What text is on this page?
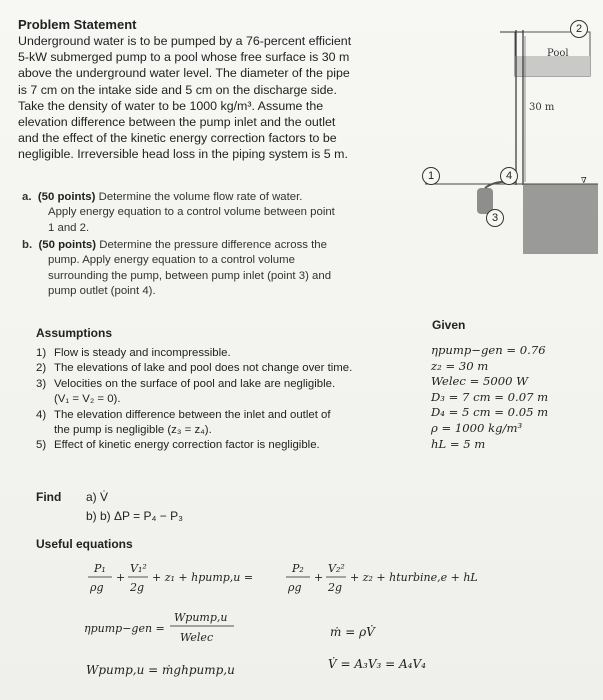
Problem Statement
Underground water is to be pumped by a 76-percent efficient
5-kW submerged pump to a pool whose free surface is 30 m
above the underground water level. The diameter of the pipe
is 7 cm on the intake side and 5 cm on the discharge side.
Take the density of water to be 1000 kg/m³. Assume the
elevation difference between the pump inlet and the outlet
and the effect of the kinetic energy correction factors to be
negligible. Irreversible head loss in the piping system is 5 m.
Pool
30 m
∇
2
1	4
3
a. (50 points) Determine the volume flow rate of water.
Apply energy equation to a control volume between point
1 and 2.
b. (50 points) Determine the pressure difference across the
pump. Apply energy equation to a control volume
surrounding the pump, between pump inlet (point 3) and
pump outlet (point 4).
Assumptions
1) Flow is steady and incompressible.
2) The elevations of lake and pool does not change over time.
3) Velocities on the surface of pool and lake are negligible.
(V₁ = V₂ = 0).
4) The elevation difference between the inlet and outlet of
the pump is negligible (z₃ = z₄).
5) Effect of kinetic energy correction factor is negligible.
Given
ηpump−gen = 0.76
z₂ = 30 m
Welec = 5000 W
D₃ = 7 cm = 0.07 m
D₄ = 5 cm = 0.05 m
ρ = 1000 kg/m³
hL = 5 m
Find a) V̇
b) b) ΔP = P₄ − P₃
Useful equations
P₁
ρg
+
V₁²
2g
+ z₁ + hpump,u =
P₂
ρg
+
V₂²
2g
+ z₂ + hturbine,e + hL
ηpump−gen =
Wpump,u
Welec	ṁ = ρV̇
Wpump,u = ṁghpump,u	V̇ = A₃V₃ = A₄V₄
